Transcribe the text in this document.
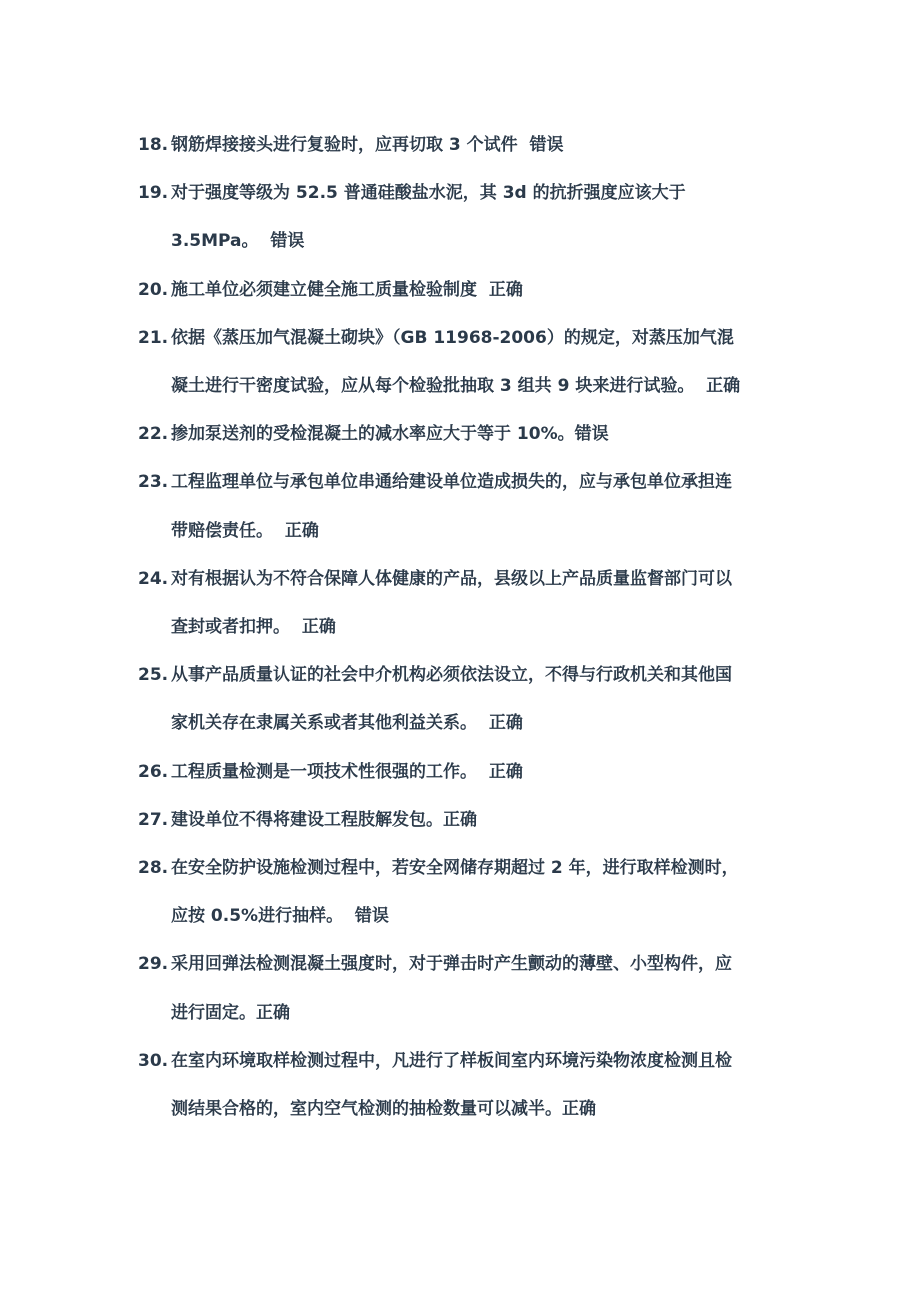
18. 钢筋焊接接头进行复验时，应再切取 3 个试件  错误
19. 对于强度等级为 52.5 普通硅酸盐水泥，其 3d 的抗折强度应该大于
3.5MPa。  错误
20. 施工单位必须建立健全施工质量检验制度  正确
21. 依据《蒸压加气混凝土砌块》（GB 11968-2006）的规定，对蒸压加气混
凝土进行干密度试验，应从每个检验批抽取 3 组共 9 块来进行试验。  正确
22. 掺加泵送剂的受检混凝土的减水率应大于等于 10%。错误
23. 工程监理单位与承包单位串通给建设单位造成损失的，应与承包单位承担连
带赔偿责任。  正确
24. 对有根据认为不符合保障人体健康的产品，县级以上产品质量监督部门可以
查封或者扣押。  正确
25. 从事产品质量认证的社会中介机构必须依法设立，不得与行政机关和其他国
家机关存在隶属关系或者其他利益关系。  正确
26. 工程质量检测是一项技术性很强的工作。  正确
27. 建设单位不得将建设工程肢解发包。正确
28. 在安全防护设施检测过程中，若安全网储存期超过 2 年，进行取样检测时，
应按 0.5%进行抽样。  错误
29. 采用回弹法检测混凝土强度时，对于弹击时产生颤动的薄壁、小型构件，应
进行固定。正确
30. 在室内环境取样检测过程中，凡进行了样板间室内环境污染物浓度检测且检
测结果合格的，室内空气检测的抽检数量可以减半。正确
